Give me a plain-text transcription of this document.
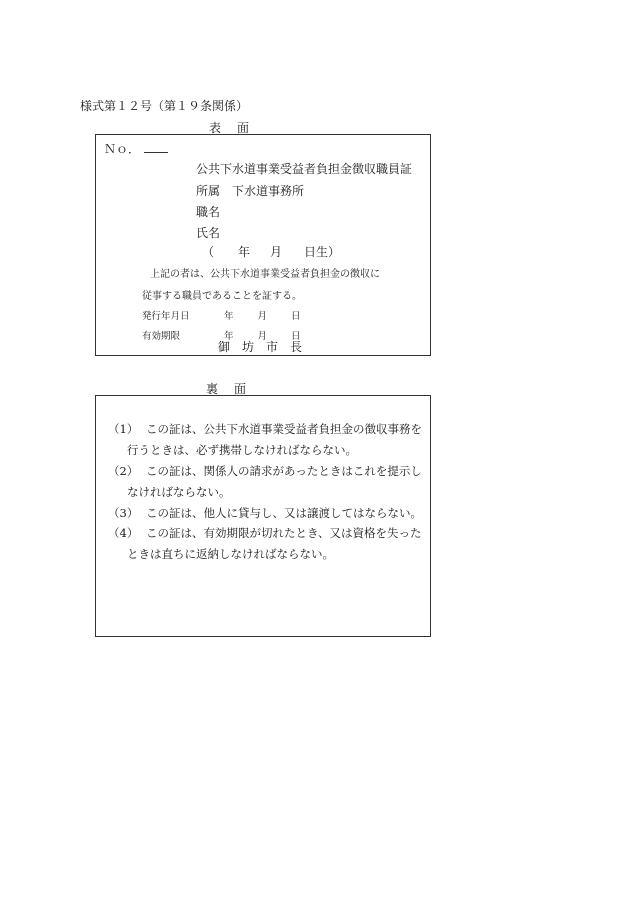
様式第１２号（第１９条関係）
表 面
Ｎｏ．
公共下水道事業受益者負担金徴収職員証
所属 下水道事務所
職名
氏名
（ 年 月 日生）
上記の者は、公共下水道事業受益者負担金の徴収に
従事する職員であることを証する。
発行年月日	年	月	日
有効期限	年	月	日
御 坊 市 長
裏 面
（1） この証は、公共下水道事業受益者負担金の徴収事務を
行うときは、必ず携帯しなければならない。
（2） この証は、関係人の請求があったときはこれを提示し
なければならない。
（3） この証は、他人に貸与し、又は譲渡してはならない。
（4） この証は、有効期限が切れたとき、又は資格を失った
ときは直ちに返納しなければならない。
